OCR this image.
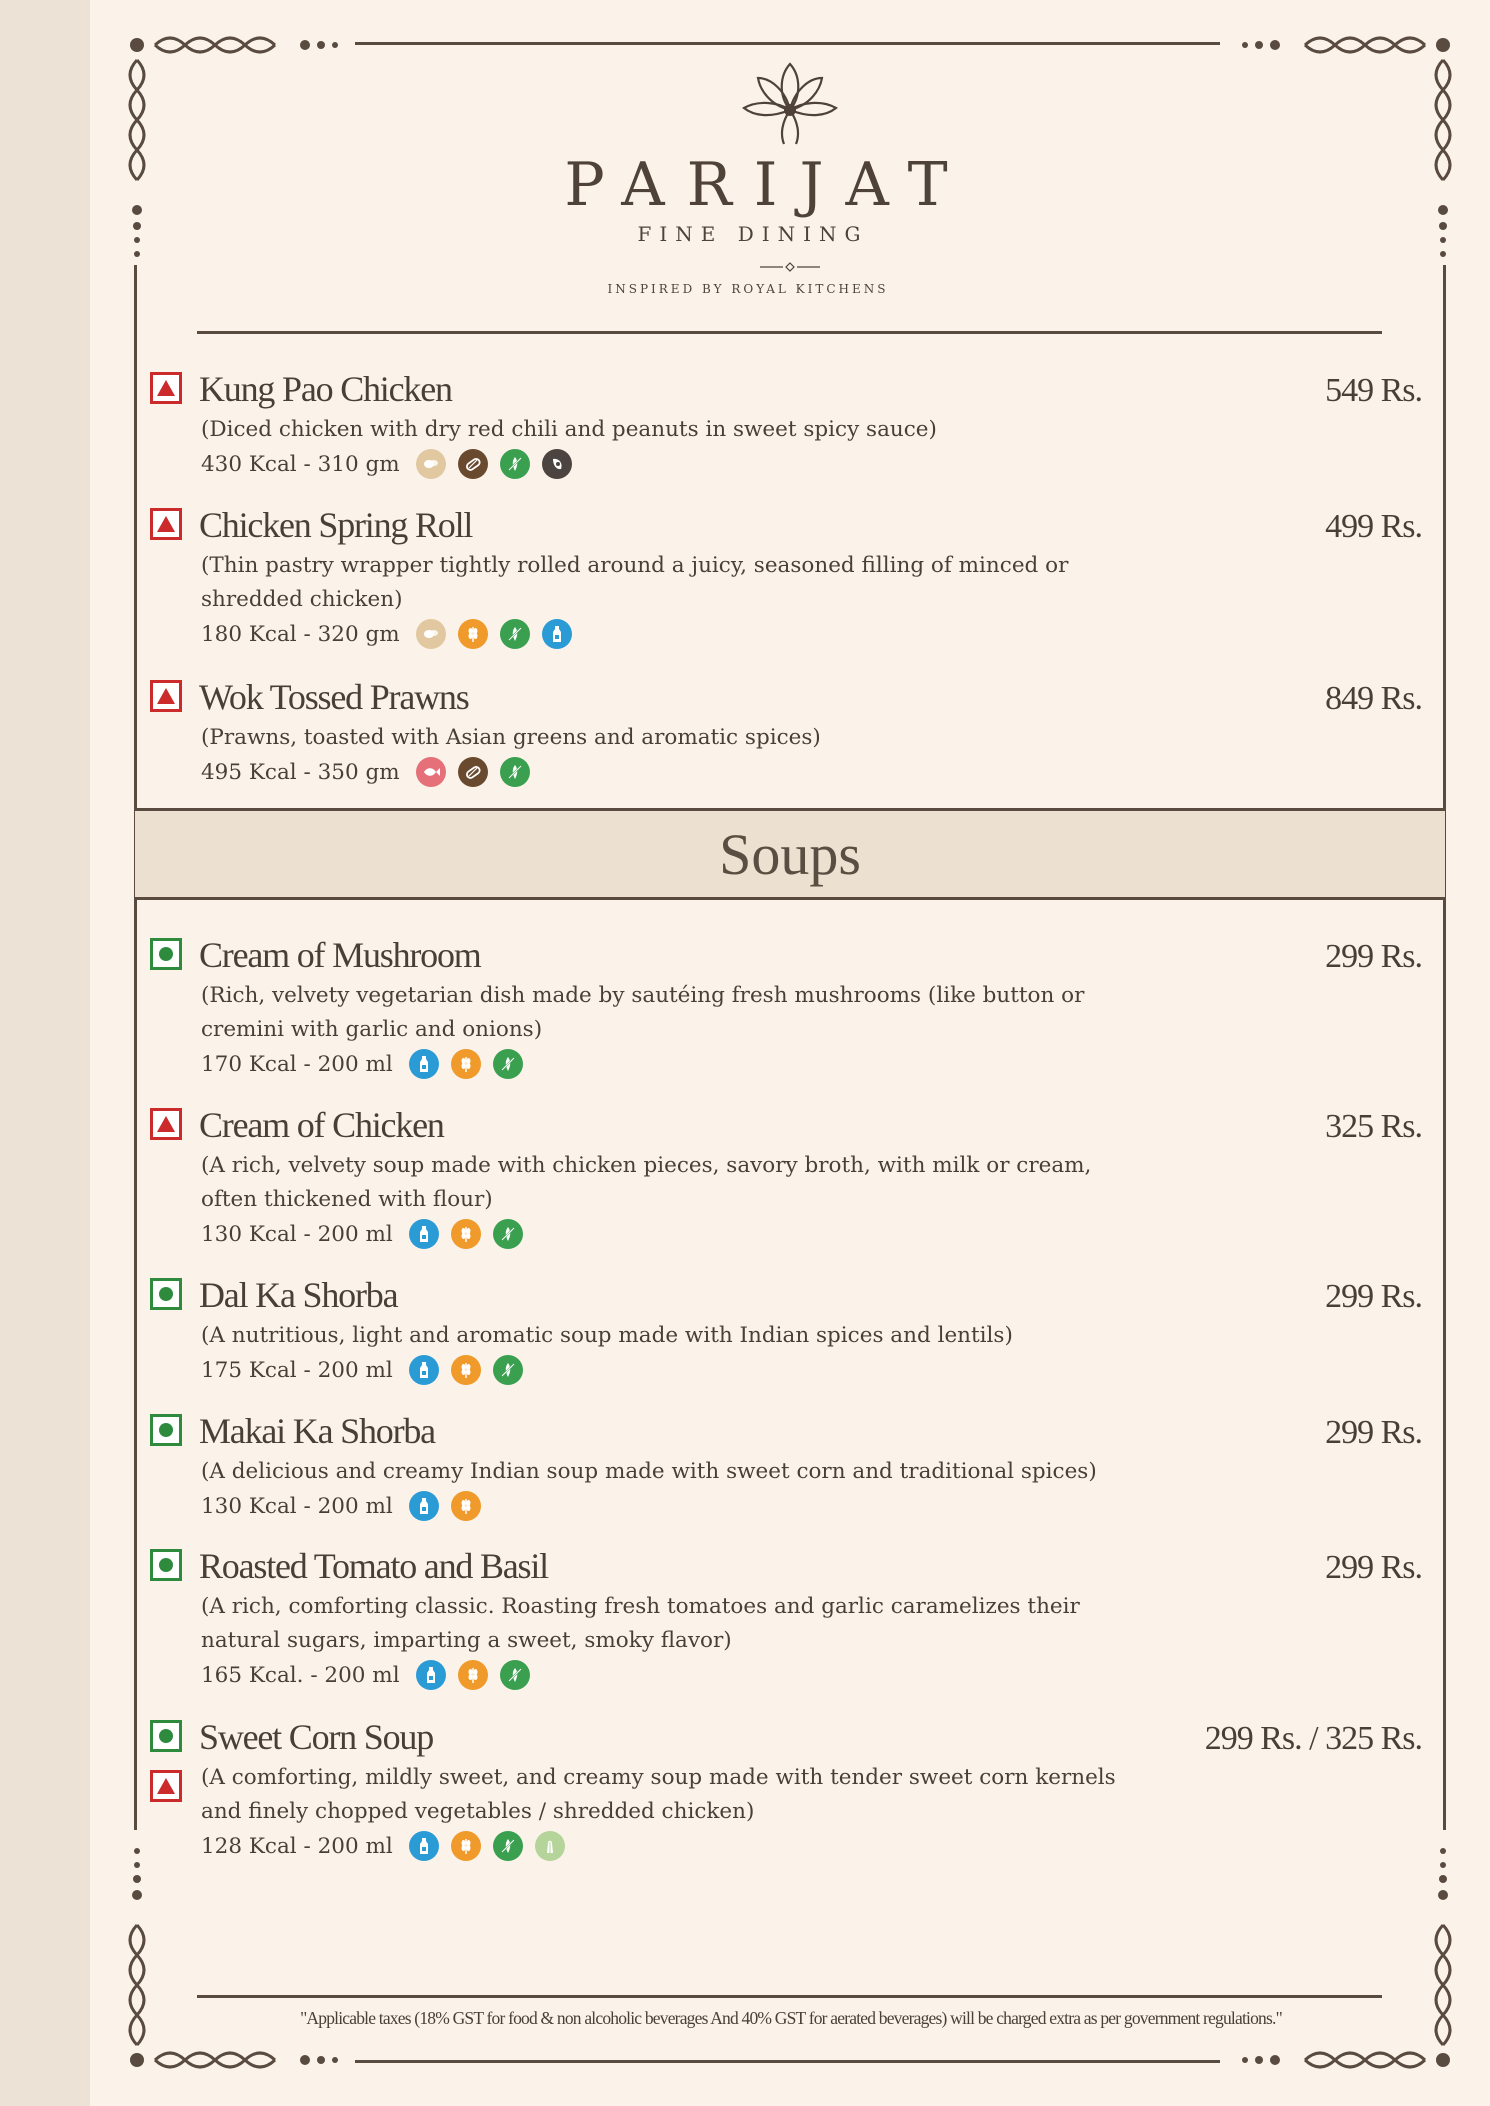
PARIJAT
FINE DINING
INSPIRED BY ROYAL KITCHENS
Kung Pao Chicken	549 Rs.
(Diced chicken with dry red chili and peanuts in sweet spicy sauce)
430 Kcal - 310 gm
Chicken Spring Roll	499 Rs.
(Thin pastry wrapper tightly rolled around a juicy, seasoned filling of minced or shredded chicken)
180 Kcal - 320 gm
Wok Tossed Prawns	849 Rs.
(Prawns, toasted with Asian greens and aromatic spices)
495 Kcal - 350 gm
Soups
Cream of Mushroom	299 Rs.
(Rich, velvety vegetarian dish made by sautéing fresh mushrooms (like button or cremini with garlic and onions)
170 Kcal - 200 ml
Cream of Chicken	325 Rs.
(A rich, velvety soup made with chicken pieces, savory broth, with milk or cream, often thickened with flour)
130 Kcal - 200 ml
Dal Ka Shorba	299 Rs.
(A nutritious, light and aromatic soup made with Indian spices and lentils)
175 Kcal - 200 ml
Makai Ka Shorba	299 Rs.
(A delicious and creamy Indian soup made with sweet corn and traditional spices)
130 Kcal - 200 ml
Roasted Tomato and Basil	299 Rs.
(A rich, comforting classic. Roasting fresh tomatoes and garlic caramelizes their natural sugars, imparting a sweet, smoky flavor)
165 Kcal. - 200 ml
Sweet Corn Soup	299 Rs. / 325 Rs.
(A comforting, mildly sweet, and creamy soup made with tender sweet corn kernels and finely chopped vegetables / shredded chicken)
128 Kcal - 200 ml
"Applicable taxes (18% GST for food & non alcoholic beverages And 40% GST for aerated beverages) will be charged extra as per government regulations."
